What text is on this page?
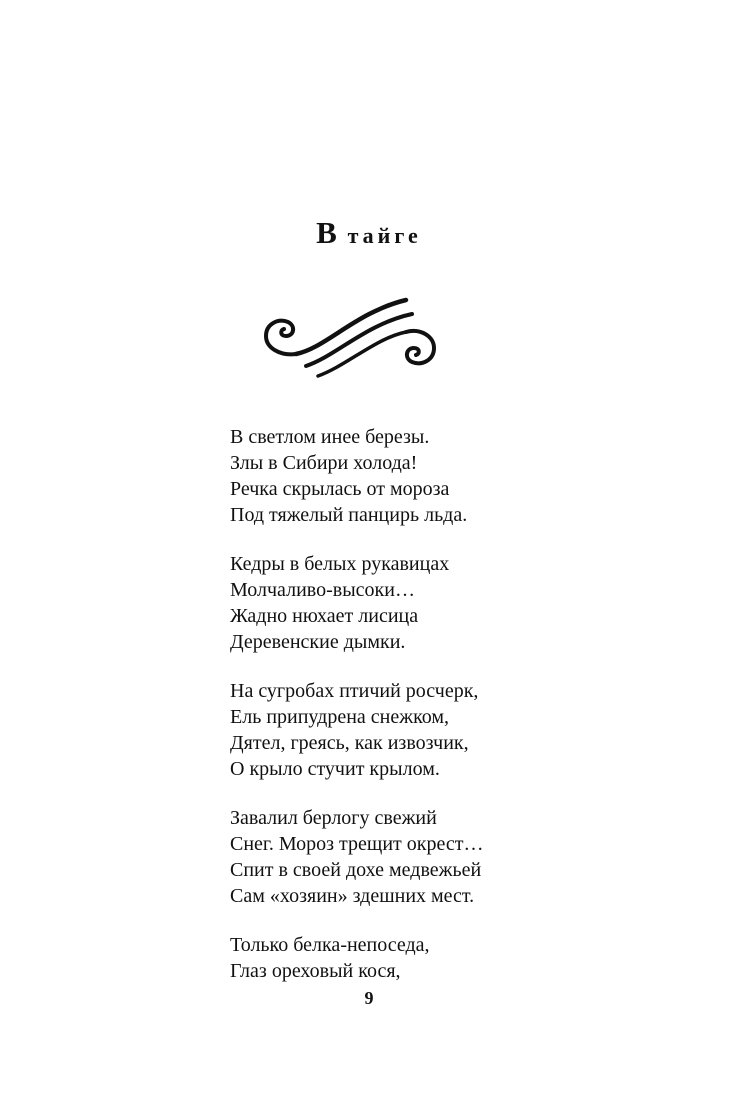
В тайге
В светлом инее березы.
Злы в Сибири холода!
Речка скрылась от мороза
Под тяжелый панцирь льда.
Кедры в белых рукавицах
Молчаливо-высоки…
Жадно нюхает лисица
Деревенские дымки.
На сугробах птичий росчерк,
Ель припудрена снежком,
Дятел, греясь, как извозчик,
О крыло стучит крылом.
Завалил берлогу свежий
Снег. Мороз трещит окрест…
Спит в своей дохе медвежьей
Сам «хозяин» здешних мест.
Только белка-непоседа,
Глаз ореховый кося,
9
